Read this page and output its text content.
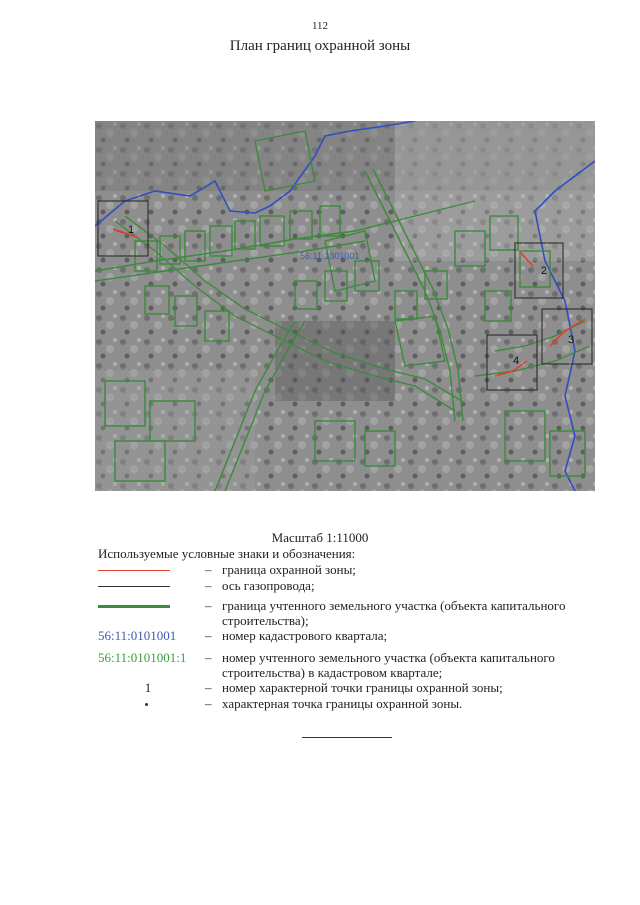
112
План границ охранной зоны
56:11:1301001
1
2
3
4
Масштаб 1:11000
Используемые условные знаки и обозначения:
– граница охранной зоны;
– ось газопровода;
– граница учтенного земельного участка (объекта капитального строительства);
56:11:0101001	– номер кадастрового квартала;
56:11:0101001:1	– номер учтенного земельного участка (объекта капитального строительства) в кадастровом квартале;
1	– номер характерной точки границы охранной зоны;
– характерная точка границы охранной зоны.
